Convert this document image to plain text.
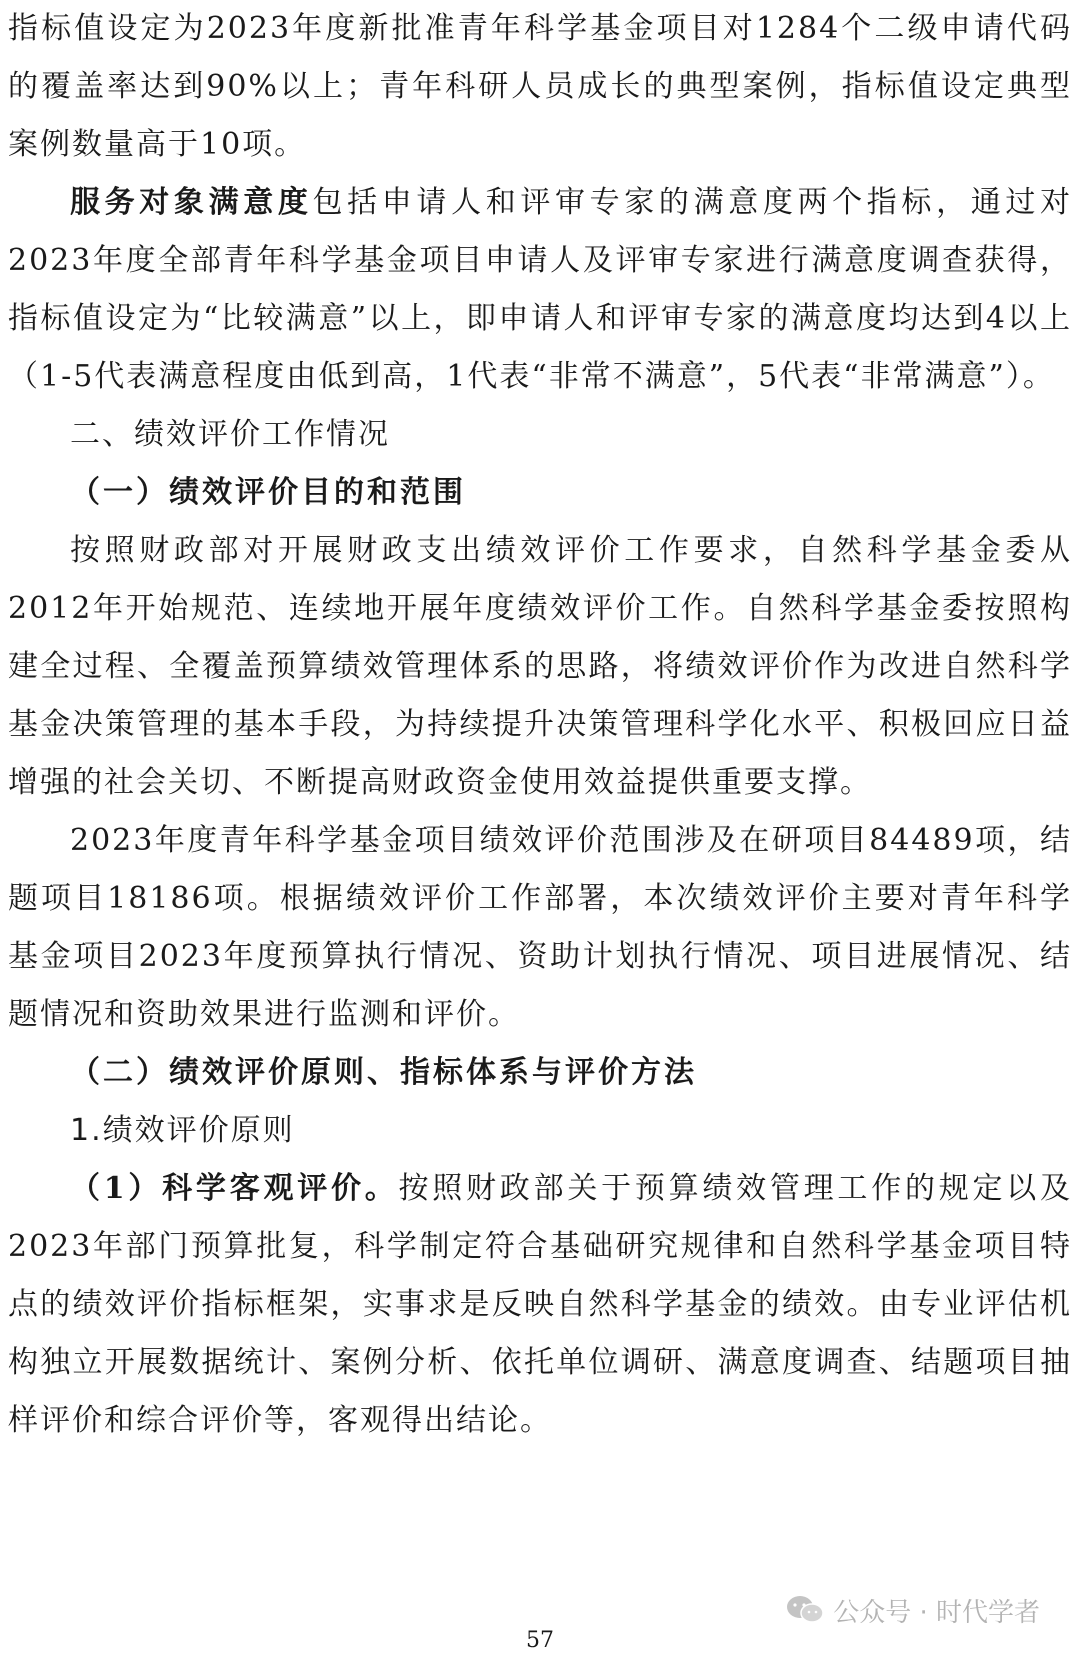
指标值设定为2023年度新批准青年科学基金项目对1284个二级申请代码的覆盖率达到90%以上；青年科研人员成长的典型案例，指标值设定典型案例数量高于10项。

服务对象满意度包括申请人和评审专家的满意度两个指标，通过对2023年度全部青年科学基金项目申请人及评审专家进行满意度调查获得，指标值设定为“比较满意”以上，即申请人和评审专家的满意度均达到4以上（1-5代表满意程度由低到高，1代表“非常不满意”，5代表“非常满意”）。

二、绩效评价工作情况

（一）绩效评价目的和范围

按照财政部对开展财政支出绩效评价工作要求，自然科学基金委从2012年开始规范、连续地开展年度绩效评价工作。自然科学基金委按照构建全过程、全覆盖预算绩效管理体系的思路，将绩效评价作为改进自然科学基金决策管理的基本手段，为持续提升决策管理科学化水平、积极回应日益增强的社会关切、不断提高财政资金使用效益提供重要支撑。

2023年度青年科学基金项目绩效评价范围涉及在研项目84489项，结题项目18186项。根据绩效评价工作部署，本次绩效评价主要对青年科学基金项目2023年度预算执行情况、资助计划执行情况、项目进展情况、结题情况和资助效果进行监测和评价。

（二）绩效评价原则、指标体系与评价方法

1.绩效评价原则

（1）科学客观评价。按照财政部关于预算绩效管理工作的规定以及2023年部门预算批复，科学制定符合基础研究规律和自然科学基金项目特点的绩效评价指标框架，实事求是反映自然科学基金的绩效。由专业评估机构独立开展数据统计、案例分析、依托单位调研、满意度调查、结题项目抽样评价和综合评价等，客观得出结论。

公众号 · 时代学者
57
